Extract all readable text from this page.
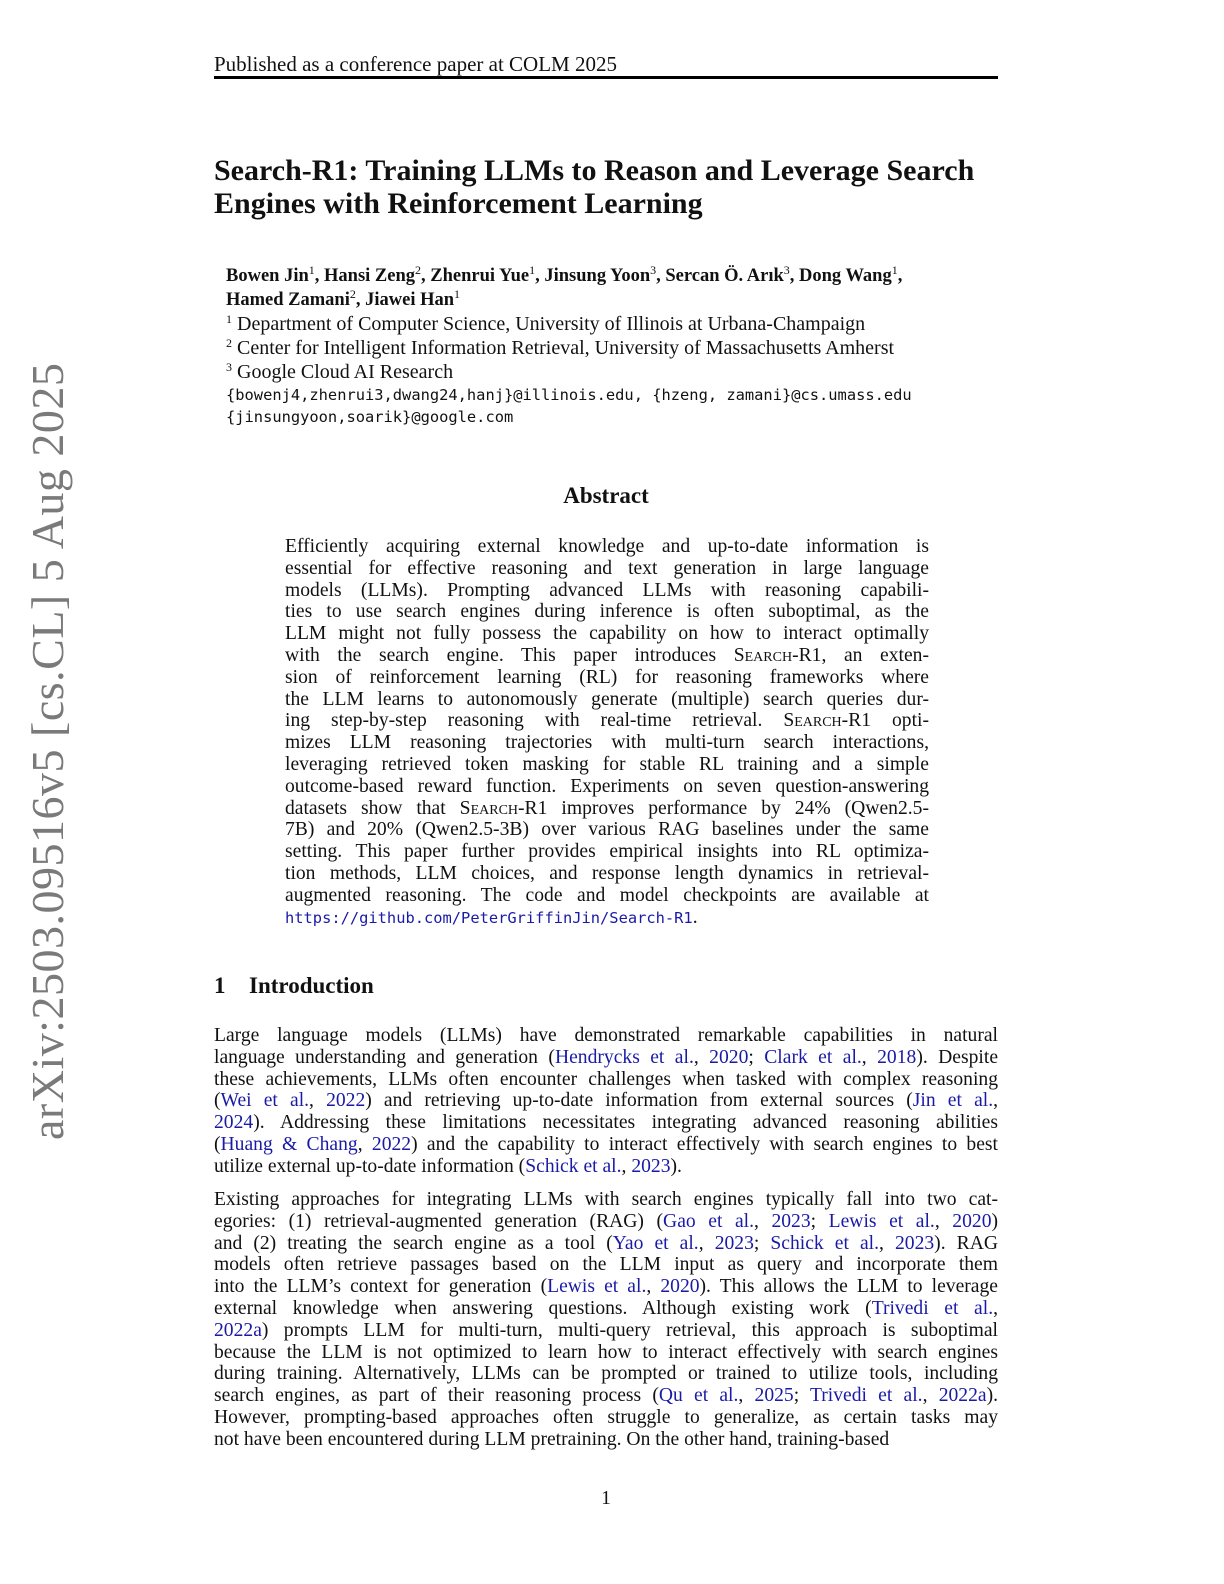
Published as a conference paper at COLM 2025
arXiv:2503.09516v5 [cs.CL] 5 Aug 2025
Search-R1: Training LLMs to Reason and Leverage Search
Engines with Reinforcement Learning
Bowen Jin$^1$, Hansi Zeng$^2$, Zhenrui Yue$^1$, Jinsung Yoon$^3$, Sercan Ö. Arık$^3$, Dong Wang$^1$,
Hamed Zamani$^2$, Jiawei Han$^1$
$^1$ Department of Computer Science, University of Illinois at Urbana-Champaign
$^2$ Center for Intelligent Information Retrieval, University of Massachusetts Amherst
$^3$ Google Cloud AI Research
{bowenj4,zhenrui3,dwang24,hanj}@illinois.edu, {hzeng, zamani}@cs.umass.edu
{jinsungyoon,soarik}@google.com
Abstract
Efficiently acquiring external knowledge and up-to-date information is
essential for effective reasoning and text generation in large language
models (LLMs). Prompting advanced LLMs with reasoning capabili-
ties to use search engines during inference is often suboptimal, as the
LLM might not fully possess the capability on how to interact optimally
with the search engine. This paper introduces Search-R1, an exten-
sion of reinforcement learning (RL) for reasoning frameworks where
the LLM learns to autonomously generate (multiple) search queries dur-
ing step-by-step reasoning with real-time retrieval. Search-R1 opti-
mizes LLM reasoning trajectories with multi-turn search interactions,
leveraging retrieved token masking for stable RL training and a simple
outcome-based reward function. Experiments on seven question-answering
datasets show that Search-R1 improves performance by 24% (Qwen2.5-
7B) and 20% (Qwen2.5-3B) over various RAG baselines under the same
setting. This paper further provides empirical insights into RL optimiza-
tion methods, LLM choices, and response length dynamics in retrieval-
augmented reasoning. The code and model checkpoints are available at
https://github.com/PeterGriffinJin/Search-R1.
1 Introduction
Large language models (LLMs) have demonstrated remarkable capabilities in natural
language understanding and generation (Hendrycks et al., 2020; Clark et al., 2018). Despite
these achievements, LLMs often encounter challenges when tasked with complex reasoning
(Wei et al., 2022) and retrieving up-to-date information from external sources (Jin et al.,
2024). Addressing these limitations necessitates integrating advanced reasoning abilities
(Huang & Chang, 2022) and the capability to interact effectively with search engines to best
utilize external up-to-date information (Schick et al., 2023).
Existing approaches for integrating LLMs with search engines typically fall into two cat-
egories: (1) retrieval-augmented generation (RAG) (Gao et al., 2023; Lewis et al., 2020)
and (2) treating the search engine as a tool (Yao et al., 2023; Schick et al., 2023). RAG
models often retrieve passages based on the LLM input as query and incorporate them
into the LLM’s context for generation (Lewis et al., 2020). This allows the LLM to leverage
external knowledge when answering questions. Although existing work (Trivedi et al.,
2022a) prompts LLM for multi-turn, multi-query retrieval, this approach is suboptimal
because the LLM is not optimized to learn how to interact effectively with search engines
during training. Alternatively, LLMs can be prompted or trained to utilize tools, including
search engines, as part of their reasoning process (Qu et al., 2025; Trivedi et al., 2022a).
However, prompting-based approaches often struggle to generalize, as certain tasks may
not have been encountered during LLM pretraining. On the other hand, training-based
1
